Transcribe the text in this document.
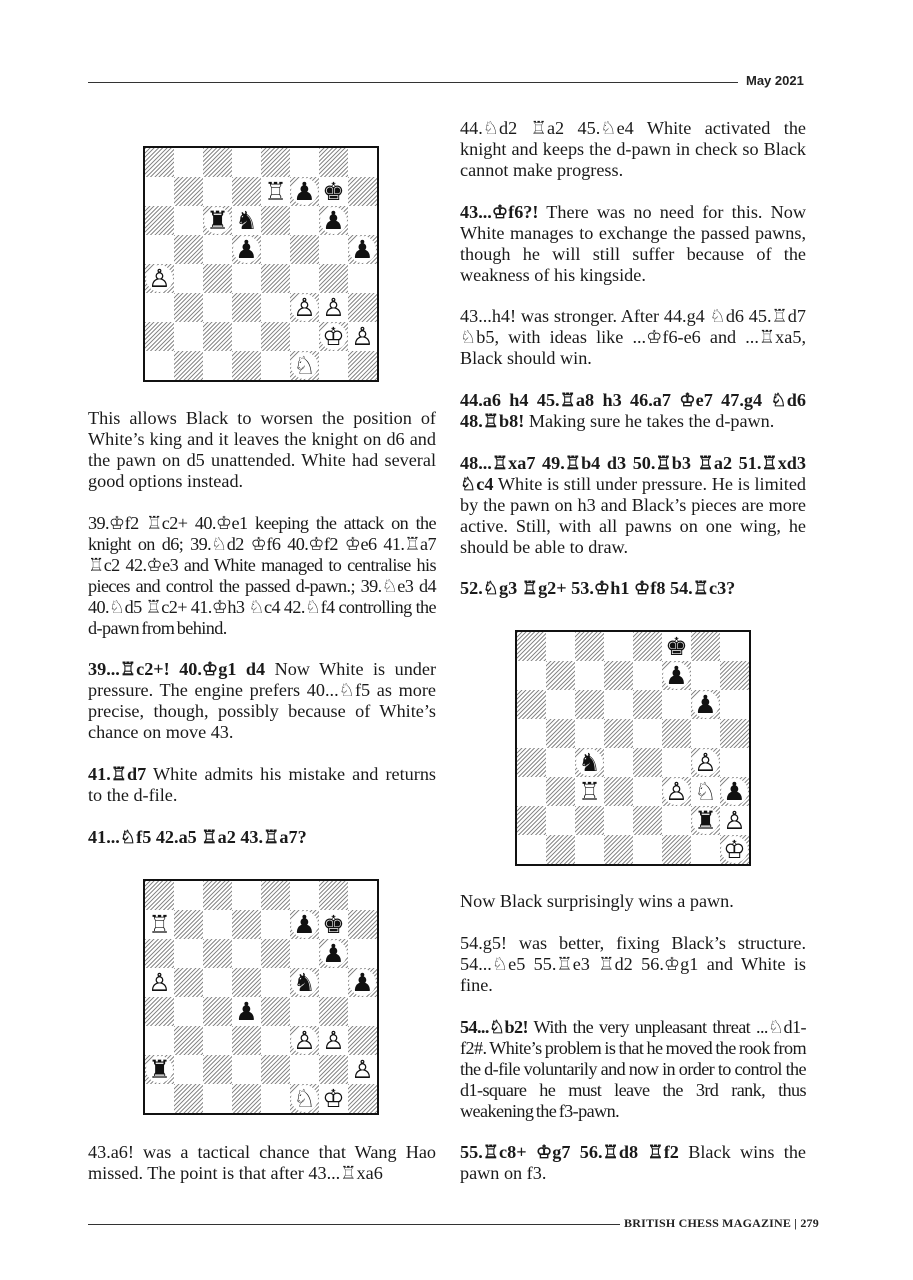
May 2021
♖ ♟ ♚
♜ ♞	♟
♟	♟
♙
♙ ♙
♔ ♙
♘

This allows Black to worsen the position of White’s king and it leaves the knight on d6 and the pawn on d5 unattended. White had several good options instead.

39.♔f2 ♖c2+ 40.♔e1 keeping the attack on the knight on d6; 39.♘d2 ♔f6 40.♔f2 ♔e6 41.♖a7 ♖c2 42.♔e3 and White managed to centralise his pieces and control the passed d-pawn.; 39.♘e3 d4 40.♘d5 ♖c2+ 41.♔h3 ♘c4 42.♘f4 controlling the d-pawn from behind.

39...♖c2+! 40.♔g1 d4 Now White is under pressure. The engine prefers 40...♘f5 as more precise, though, possibly because of White’s chance on move 43.

41.♖d7 White admits his mistake and returns to the d-file.

41...♘f5 42.a5 ♖a2 43.♖a7?

♖	♟ ♚
♟
♙	♞ ♟
♟
♙ ♙
♜	♙
♘ ♔

43.a6! was a tactical chance that Wang Hao missed. The point is that after 43...♖xa6

44.♘d2 ♖a2 45.♘e4 White activated the knight and keeps the d-pawn in check so Black cannot make progress.

43...♔f6?! There was no need for this. Now White manages to exchange the passed pawns, though he will still suffer because of the weakness of his kingside.

43...h4! was stronger. After 44.g4 ♘d6 45.♖d7 ♘b5, with ideas like ...♔f6-e6 and ...♖xa5, Black should win.

44.a6 h4 45.♖a8 h3 46.a7 ♔e7 47.g4 ♘d6 48.♖b8! Making sure he takes the d-pawn.

48...♖xa7 49.♖b4 d3 50.♖b3 ♖a2 51.♖xd3 ♘c4 White is still under pressure. He is limited by the pawn on h3 and Black’s pieces are more active. Still, with all pawns on one wing, he should be able to draw.

52.♘g3 ♖g2+ 53.♔h1 ♔f8 54.♖c3?

♚
♟
♟
♞	♙
♖	♙ ♘ ♟
♜ ♙
♔

Now Black surprisingly wins a pawn.

54.g5! was better, fixing Black’s structure. 54...♘e5 55.♖e3 ♖d2 56.♔g1 and White is fine.

54...♘b2! With the very unpleasant threat ...♘d1-f2#. White’s problem is that he moved the rook from the d-file voluntarily and now in order to control the d1-square he must leave the 3rd rank, thus weakening the f3-pawn.

55.♖c8+ ♔g7 56.♖d8 ♖f2 Black wins the pawn on f3.

BRITISH CHESS MAGAZINE | 279
